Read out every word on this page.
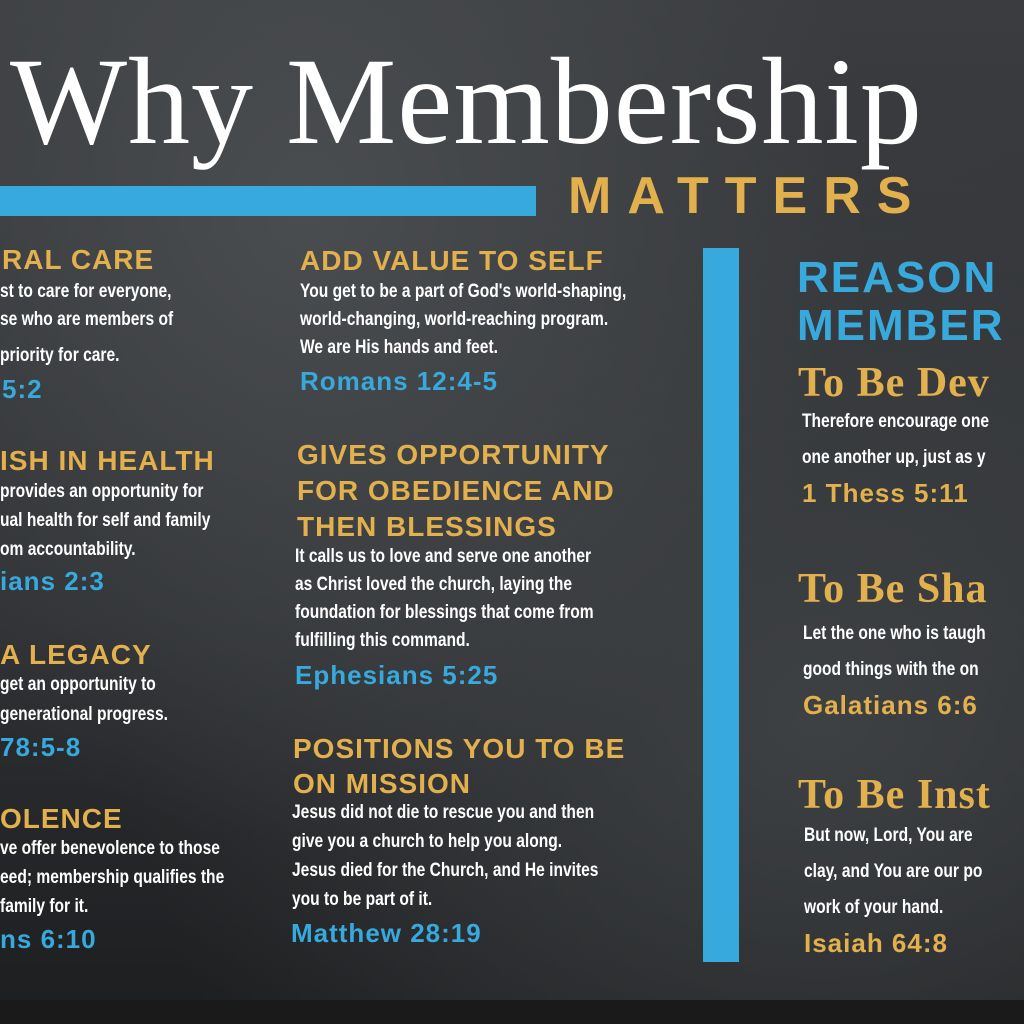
Why Membership
MATTERS
RAL CARE
st to care for everyone,
se who are members of
priority for care.
5:2
ISH IN HEALTH
provides an opportunity for
ual health for self and family
om accountability.
ians 2:3
A LEGACY
get an opportunity to
generational progress.
78:5-8
OLENCE
ve offer benevolence to those
eed; membership qualifies the
family for it.
ns 6:10
ADD VALUE TO SELF
You get to be a part of God's world-shaping,
world-changing, world-reaching program.
We are His hands and feet.
Romans 12:4-5
GIVES OPPORTUNITY
FOR OBEDIENCE AND
THEN BLESSINGS
It calls us to love and serve one another
as Christ loved the church, laying the
foundation for blessings that come from
fulfilling this command.
Ephesians 5:25
POSITIONS YOU TO BE
ON MISSION
Jesus did not die to rescue you and then
give you a church to help you along.
Jesus died for the Church, and He invites
you to be part of it.
Matthew 28:19
REASON
MEMBER
To Be Dev
Therefore encourage one
one another up, just as y
1 Thess 5:11
To Be Sha
Let the one who is taugh
good things with the on
Galatians 6:6
To Be Inst
But now, Lord, You are
clay, and You are our po
work of your hand.
Isaiah 64:8
